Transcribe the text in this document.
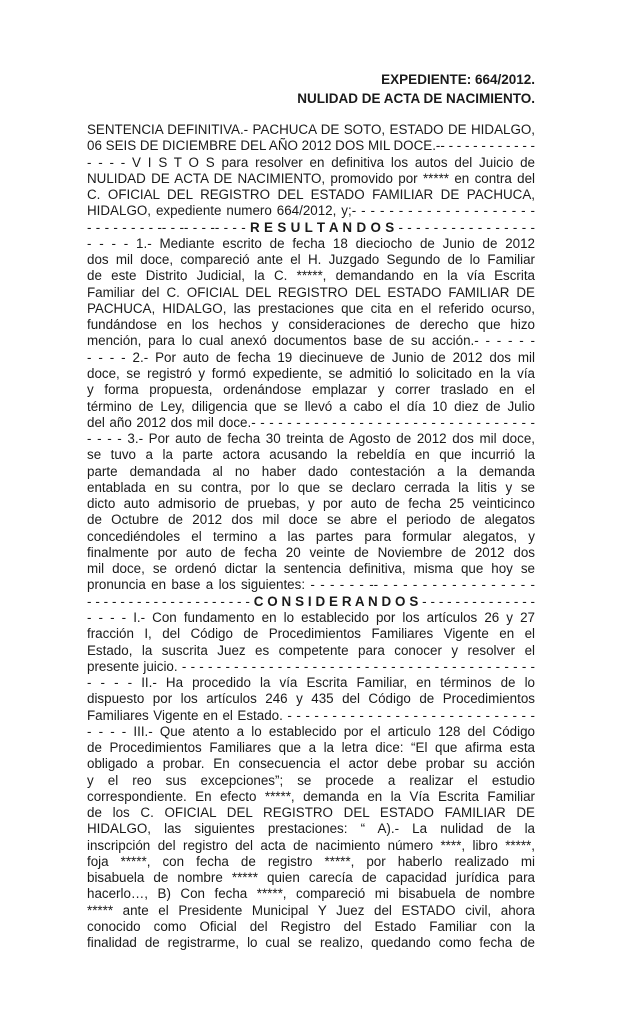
EXPEDIENTE: 664/2012.
NULIDAD DE ACTA DE NACIMIENTO.
SENTENCIA DEFINITIVA.- PACHUCA DE SOTO, ESTADO DE HIDALGO,
06 SEIS DE DICIEMBRE DEL AÑO 2012 DOS MIL DOCE.-- - - - - - - - - - - -
- - - - V I S T O S para resolver en definitiva los autos del Juicio de
NULIDAD DE ACTA DE NACIMIENTO, promovido por ***** en contra del
C. OFICIAL DEL REGISTRO DEL ESTADO FAMILIAR DE PACHUCA,
HIDALGO, expediente numero 664/2012, y;- - - - - - - - - - - - - - - - - - - -
- - - - - - - - -- - -- - - -- - - - R E S U L T A N D O S - - - - - - - - - - - - - - - -
- - - - 1.- Mediante escrito de fecha 18 dieciocho de Junio de 2012
dos mil doce, compareció ante el H. Juzgado Segundo de lo Familiar
de este Distrito Judicial, la C. *****, demandando en la vía Escrita
Familiar del C. OFICIAL DEL REGISTRO DEL ESTADO FAMILIAR DE
PACHUCA, HIDALGO, las prestaciones que cita en el referido ocurso,
fundándose en los hechos y consideraciones de derecho que hizo
mención, para lo cual anexó documentos base de su acción.- - - - - -
- - - - 2.- Por auto de fecha 19 diecinueve de Junio de 2012 dos mil
doce, se registró y formó expediente, se admitió lo solicitado en la vía
y forma propuesta, ordenándose emplazar y correr traslado en el
término de Ley, diligencia que se llevó a cabo el día 10 diez de Julio
del año 2012 dos mil doce.- - - - - - - - - - - - - - - - - - - - - - - - - - - - - - - -
- - - - 3.- Por auto de fecha 30 treinta de Agosto de 2012 dos mil doce,
se tuvo a la parte actora acusando la rebeldía en que incurrió la
parte demandada al no haber dado contestación a la demanda
entablada en su contra, por lo que se declaro cerrada la litis y se
dicto auto admisorio de pruebas, y por auto de fecha 25 veinticinco
de Octubre de 2012 dos mil doce se abre el periodo de alegatos
concediéndoles el termino a las partes para formular alegatos, y
finalmente por auto de fecha 20 veinte de Noviembre de 2012 dos
mil doce, se ordenó dictar la sentencia definitiva, misma que hoy se
pronuncia en base a los siguientes: - - - - - - -- - - - - - - - - - - - - - - - -
- - - - - - - - - - - - - - - - - - - - C O N S I D E R A N D O S - - - - - - - - - - - - - -
- - - - I.- Con fundamento en lo establecido por los artículos 26 y 27
fracción I, del Código de Procedimientos Familiares Vigente en el
Estado, la suscrita Juez es competente para conocer y resolver el
presente juicio. - - - - - - - - - - - - - - - - - - - - - - - - - - - - - - - - - - - - - - - - -
- - - - II.- Ha procedido la vía Escrita Familiar, en términos de lo
dispuesto por los artículos 246 y 435 del Código de Procedimientos
Familiares Vigente en el Estado. - - - - - - - - - - - - - - - - - - - - - - - - - - - -
- - - - III.- Que atento a lo establecido por el articulo 128 del Código
de Procedimientos Familiares que a la letra dice: “El que afirma esta
obligado a probar. En consecuencia el actor debe probar su acción
y el reo sus excepciones”; se procede a realizar el estudio
correspondiente. En efecto *****, demanda en la Vía Escrita Familiar
de los C. OFICIAL DEL REGISTRO DEL ESTADO FAMILIAR DE
HIDALGO, las siguientes prestaciones: “ A).- La nulidad de la
inscripción del registro del acta de nacimiento número ****, libro *****,
foja *****, con fecha de registro *****, por haberlo realizado mi
bisabuela de nombre ***** quien carecía de capacidad jurídica para
hacerlo…, B) Con fecha *****, compareció mi bisabuela de nombre
***** ante el Presidente Municipal Y Juez del ESTADO civil, ahora
conocido como Oficial del Registro del Estado Familiar con la
finalidad de registrarme, lo cual se realizo, quedando como fecha de
